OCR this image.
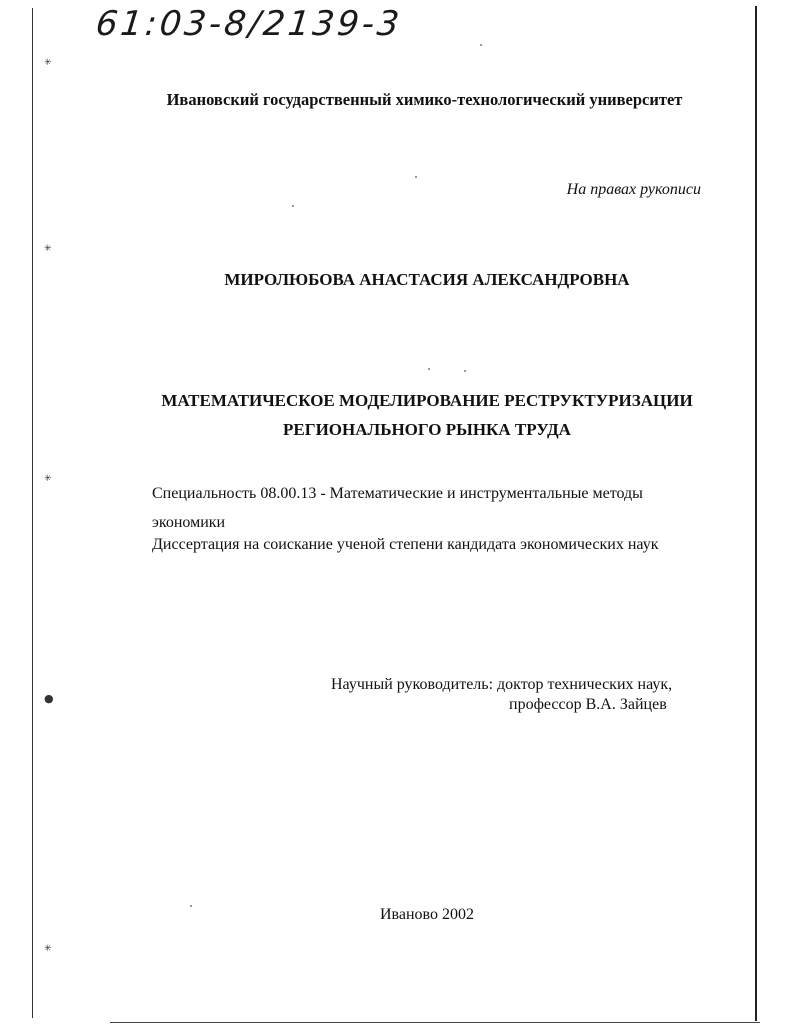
61:03-8/2139-3
Ивановский государственный химико-технологический университет
На правах рукописи
МИРОЛЮБОВА АНАСТАСИЯ АЛЕКСАНДРОВНА
МАТЕМАТИЧЕСКОЕ МОДЕЛИРОВАНИЕ РЕСТРУКТУРИЗАЦИИ
РЕГИОНАЛЬНОГО РЫНКА ТРУДА
Специальность 08.00.13 - Математические и инструментальные методы экономики
Диссертация на соискание ученой степени кандидата экономических наук
Научный руководитель: доктор технических наук,
профессор В.А. Зайцев
Иваново 2002
✳
✳
✳
●
✳
